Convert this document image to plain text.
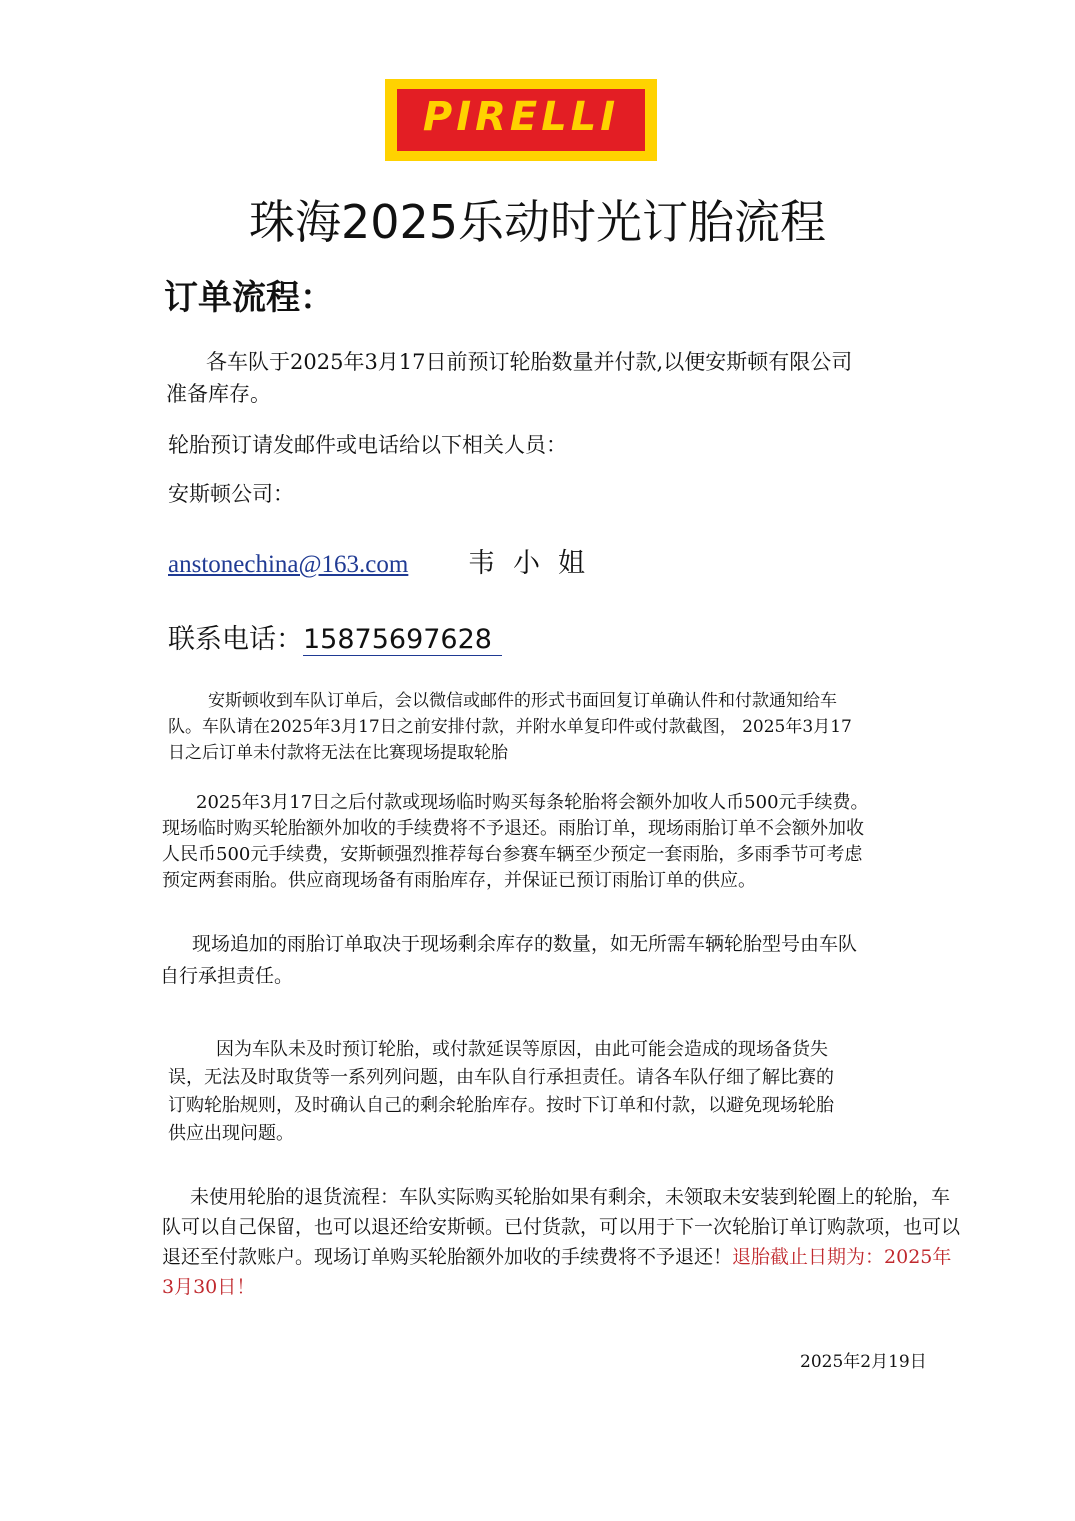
PIRELLI
珠海2025乐动时光订胎流程
订单流程：

各车队于2025年3月17日前预订轮胎数量并付款,以便安斯顿有限公司准备库存。

轮胎预订请发邮件或电话给以下相关人员：

安斯顿公司：

anstonechina@163.com 韦小姐
联系电话：15875697628

安斯顿收到车队订单后，会以微信或邮件的形式书面回复订单确认件和付款通知给车队。车队请在2025年3月17日之前安排付款，并附水单复印件或付款截图， 2025年3月17日之后订单未付款将无法在比赛现场提取轮胎

2025年3月17日之后付款或现场临时购买每条轮胎将会额外加收人币500元手续费。现场临时购买轮胎额外加收的手续费将不予退还。雨胎订单，现场雨胎订单不会额外加收人民币500元手续费，安斯顿强烈推荐每台参赛车辆至少预定一套雨胎，多雨季节可考虑预定两套雨胎。供应商现场备有雨胎库存，并保证已预订雨胎订单的供应。

现场追加的雨胎订单取决于现场剩余库存的数量，如无所需车辆轮胎型号由车队自行承担责任。

因为车队未及时预订轮胎，或付款延误等原因，由此可能会造成的现场备货失误，无法及时取货等一系列列问题，由车队自行承担责任。请各车队仔细了解比赛的订购轮胎规则，及时确认自己的剩余轮胎库存。按时下订单和付款，以避免现场轮胎供应出现问题。

未使用轮胎的退货流程：车队实际购买轮胎如果有剩余，未领取未安装到轮圈上的轮胎，车队可以自己保留，也可以退还给安斯顿。已付货款，可以用于下一次轮胎订单订购款项，也可以退还至付款账户。现场订单购买轮胎额外加收的手续费将不予退还！退胎截止日期为：2025年3月30日！

2025年2月19日
